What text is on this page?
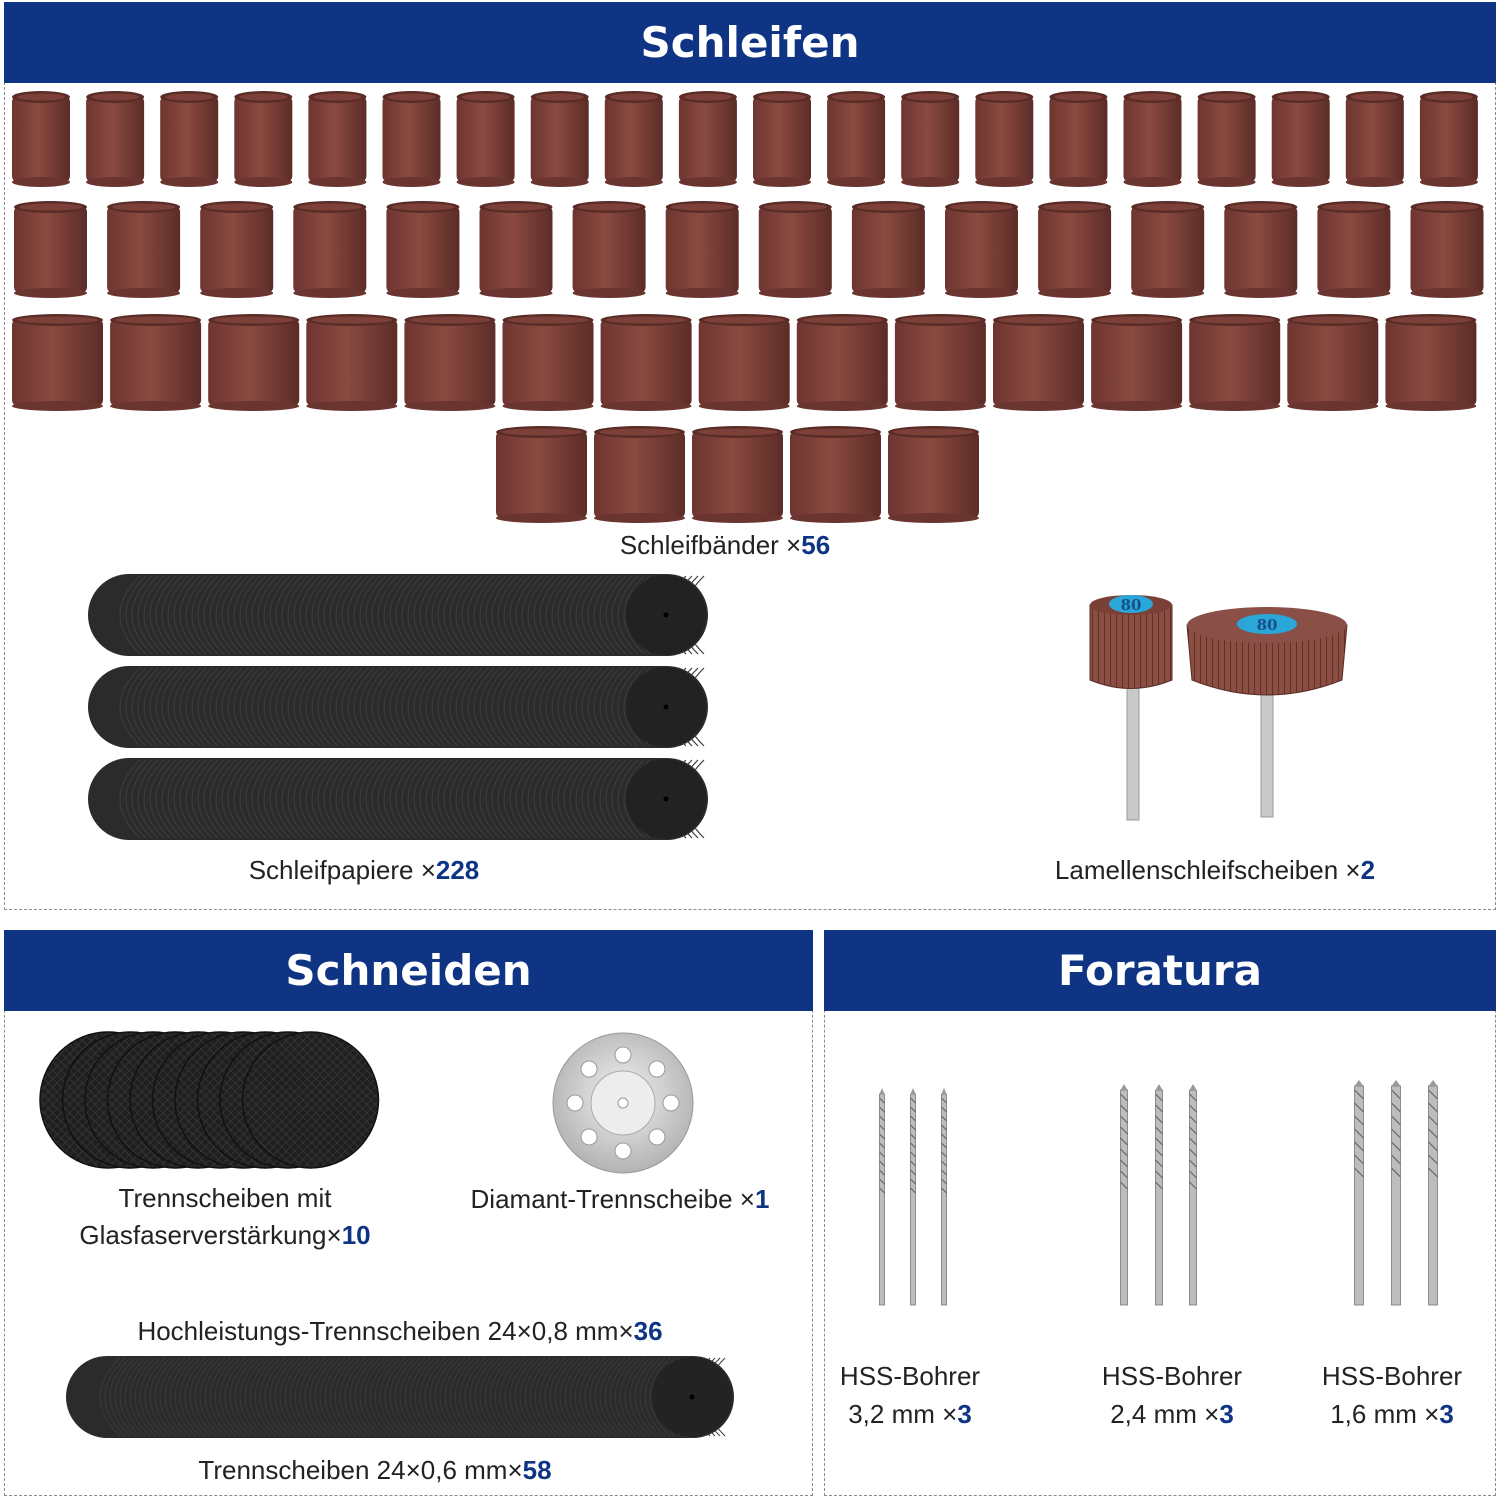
Schleifen
Schleifbänder ×56
Schleifpapiere ×228
80
80
Lamellenschleifscheiben ×2
Schneiden
Trennscheiben mit
Glasfaserverstärkung×10
Diamant-Trennscheibe ×1
Hochleistungs-Trennscheiben 24×0,8 mm×36
Trennscheiben 24×0,6 mm×58
Foratura
HSS-Bohrer
3,2 mm ×3
HSS-Bohrer
2,4 mm ×3
HSS-Bohrer
1,6 mm ×3
